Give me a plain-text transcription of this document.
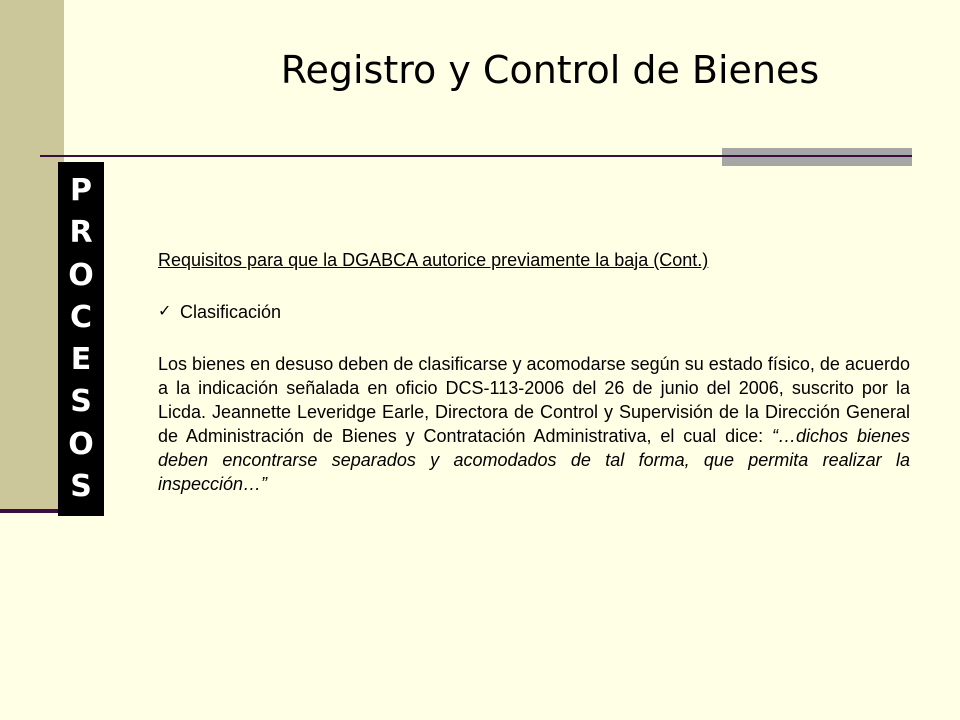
Registro y Control de Bienes
P
R
O
C
E
S
O
S

Requisitos para que la DGABCA autorice previamente la baja (Cont.)

✓ Clasificación

Los bienes en desuso deben de clasificarse y acomodarse según su estado físico, de acuerdo a la indicación señalada en oficio DCS-113-2006 del 26 de junio del 2006, suscrito por la Licda. Jeannette Leveridge Earle, Directora de Control y Supervisión de la Dirección General de Administración de Bienes y Contratación Administrativa, el cual dice: “…dichos bienes deben encontrarse separados y acomodados de tal forma, que permita realizar la inspección…”
